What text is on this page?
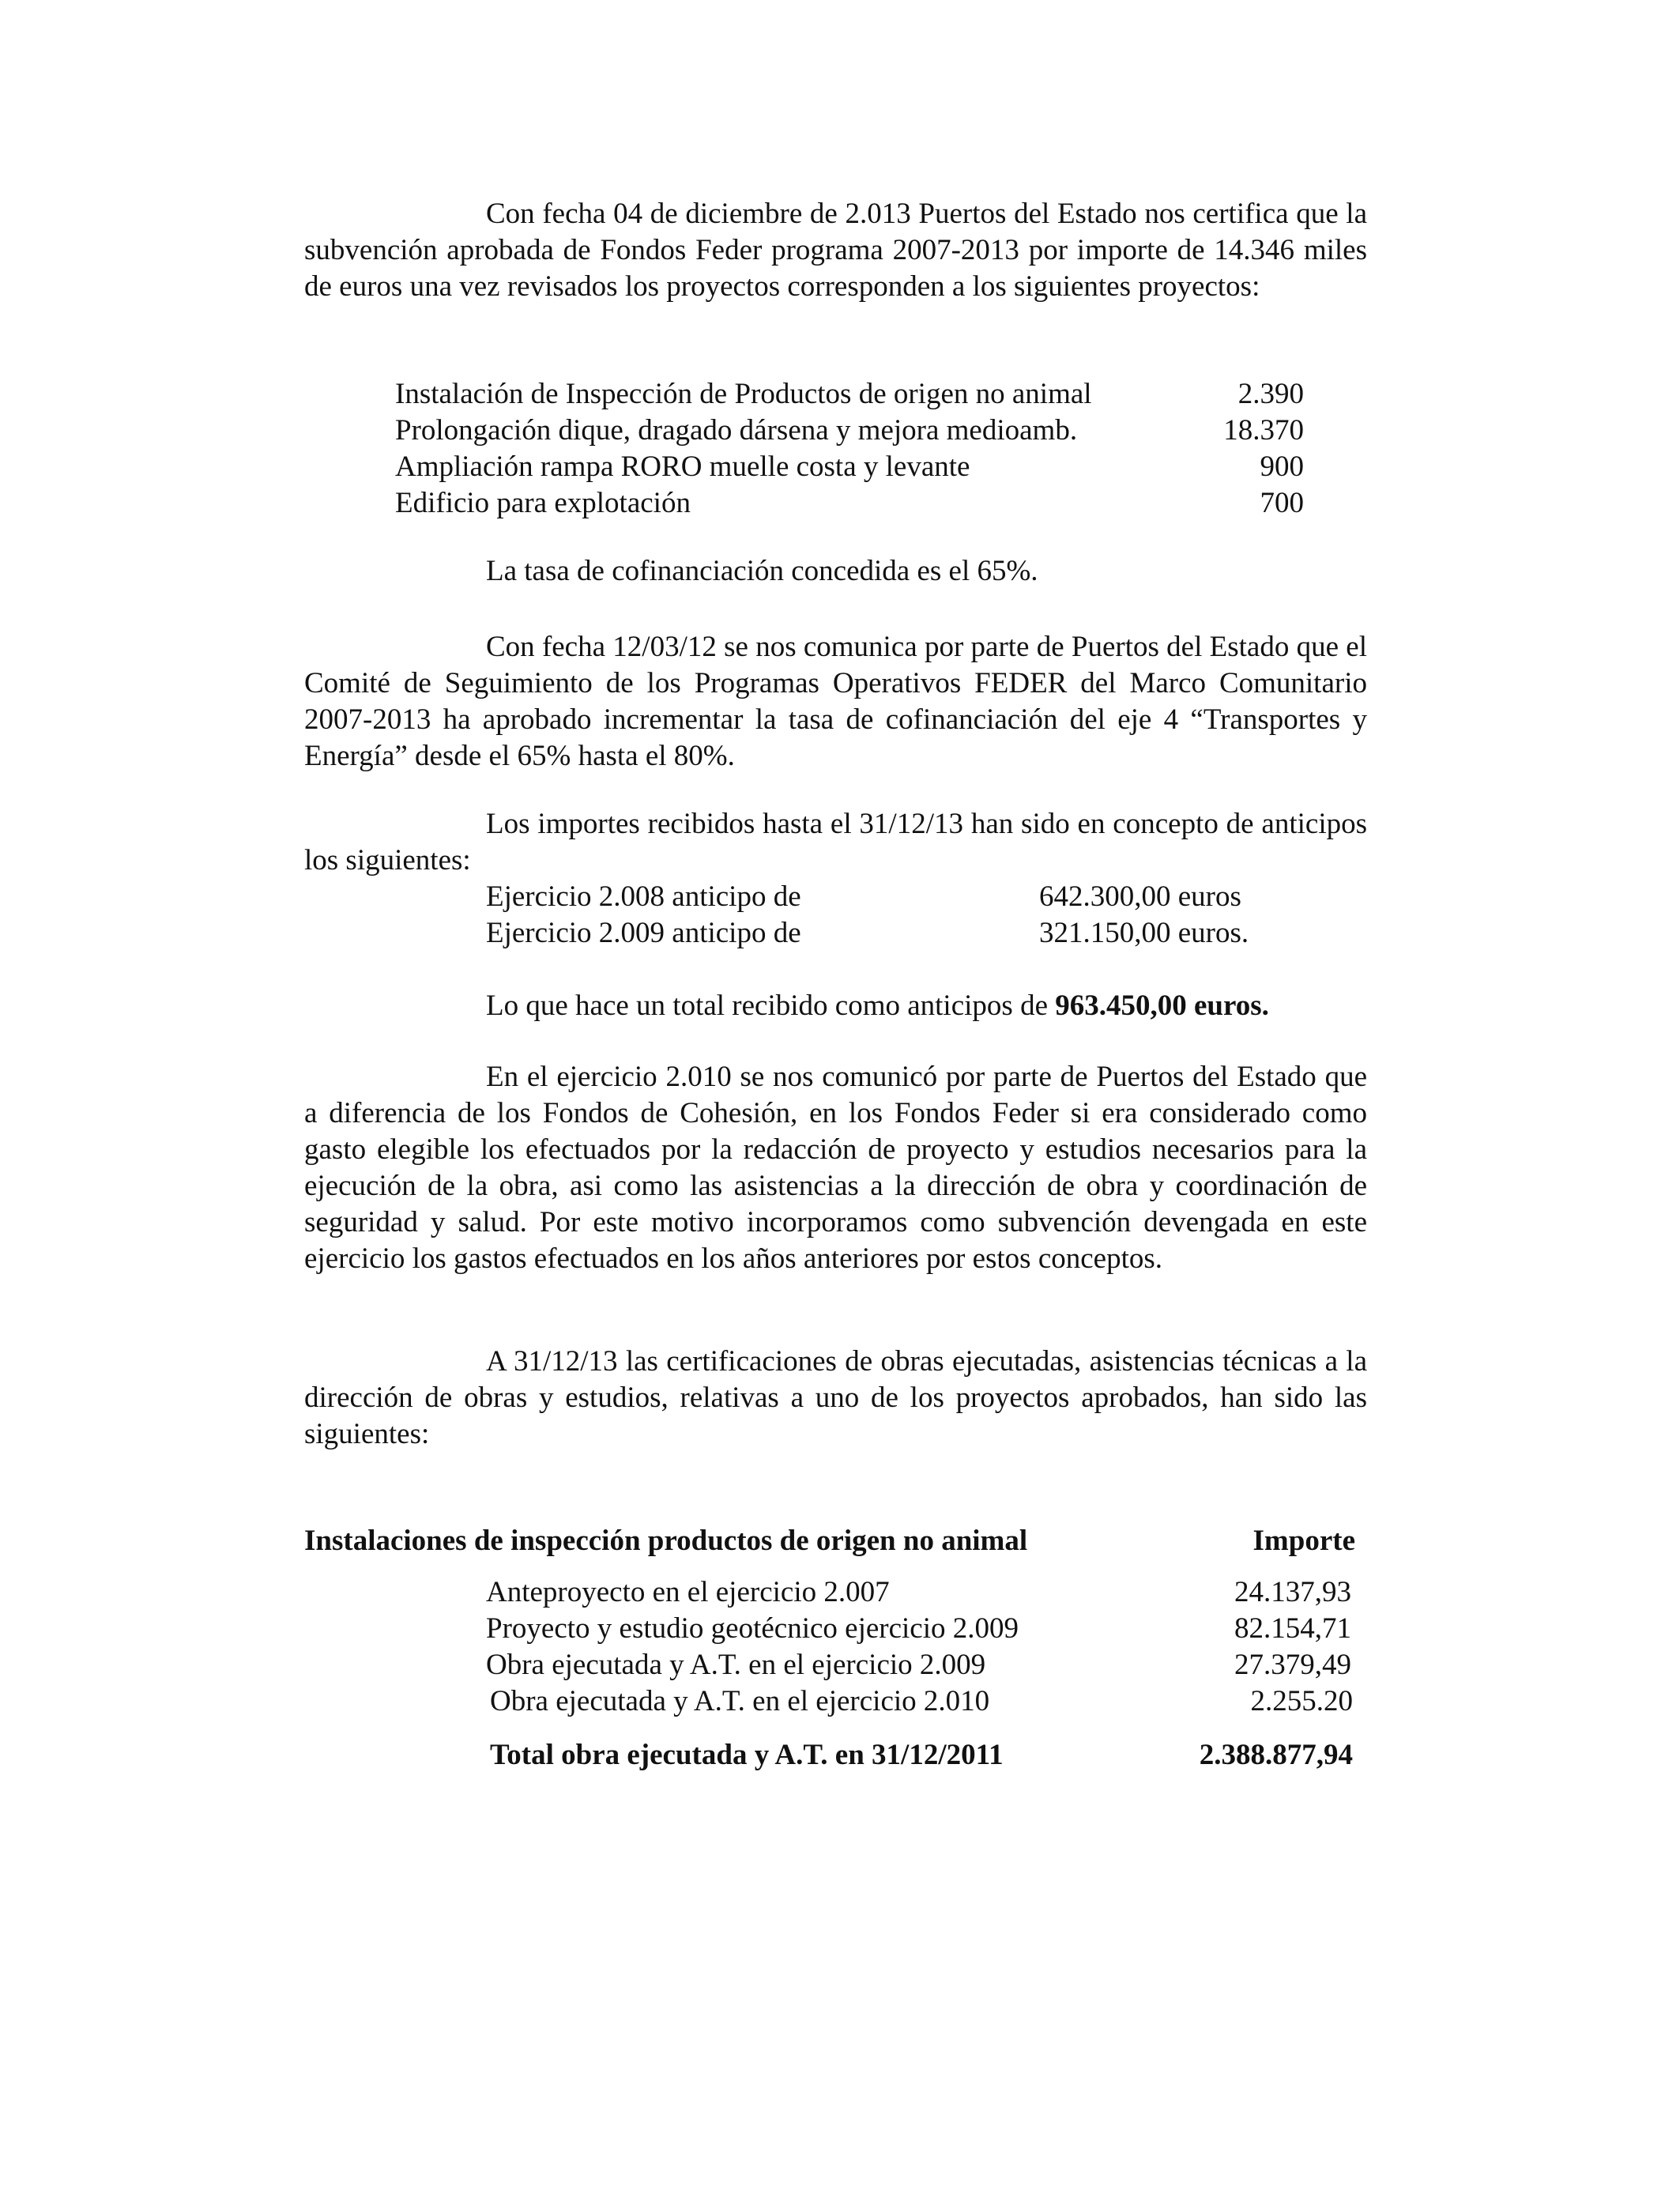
Con fecha 04 de diciembre de 2.013 Puertos del Estado nos certifica que la subvención aprobada de Fondos Feder programa 2007-2013 por importe de 14.346 miles de euros una vez revisados los proyectos corresponden a los siguientes proyectos:

Instalación de Inspección de Productos de origen no animal	2.390
Prolongación dique, dragado dársena y mejora medioamb.	18.370
Ampliación rampa RORO muelle costa y levante	900
Edificio para explotación	700

La tasa de cofinanciación concedida es el 65%.

Con fecha 12/03/12 se nos comunica por parte de Puertos del Estado que el Comité de Seguimiento de los Programas Operativos FEDER del Marco Comunitario 2007-2013 ha aprobado incrementar la tasa de cofinanciación del eje 4 “Transportes y Energía” desde el 65% hasta el 80%.

Los importes recibidos hasta el 31/12/13 han sido en concepto de anticipos los siguientes:

Ejercicio 2.008 anticipo de	642.300,00 euros
Ejercicio 2.009 anticipo de	321.150,00 euros.

Lo que hace un total recibido como anticipos de 963.450,00 euros.

En el ejercicio 2.010 se nos comunicó por parte de Puertos del Estado que a diferencia de los Fondos de Cohesión, en los Fondos Feder si era considerado como gasto elegible los efectuados por la redacción de proyecto y estudios necesarios para la ejecución de la obra, asi como las asistencias a la dirección de obra y coordinación de seguridad y salud. Por este motivo incorporamos como subvención devengada en este ejercicio los gastos efectuados en los años anteriores por estos conceptos.

A 31/12/13 las certificaciones de obras ejecutadas, asistencias técnicas a la dirección de obras y estudios, relativas a uno de los proyectos aprobados, han sido las siguientes:

Instalaciones de inspección productos de origen no animal	Importe
Anteproyecto en el ejercicio 2.007	24.137,93
Proyecto y estudio geotécnico ejercicio 2.009	82.154,71
Obra ejecutada y A.T. en el ejercicio 2.009	27.379,49
Obra ejecutada y A.T. en el ejercicio 2.010	2.255.20
Total obra ejecutada y A.T. en 31/12/2011	2.388.877,94
